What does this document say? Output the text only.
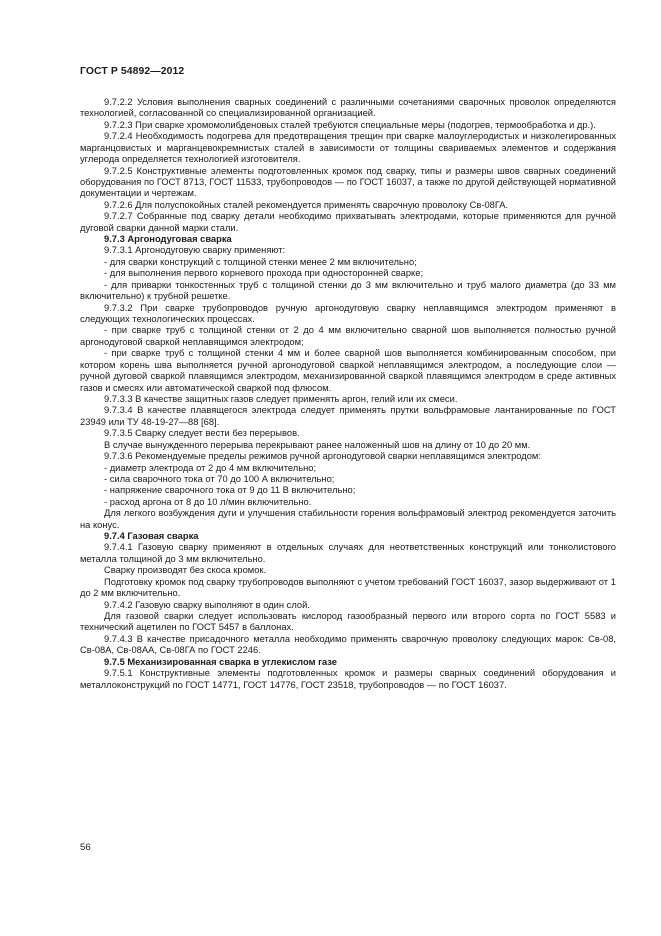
ГОСТ Р 54892—2012

9.7.2.2 Условия выполнения сварных соединений с различными сочетаниями сварочных проволок определяются технологией, согласованной со специализированной организацией.

9.7.2.3 При сварке хромомолибденовых сталей требуются специальные меры (подогрев, термообработка и др.).

9.7.2.4 Необходимость подогрева для предотвращения трещин при сварке малоуглеродистых и низколегированных марганцовистых и марганцевокремнистых сталей в зависимости от толщины свариваемых элементов и содержания углерода определяется технологией изготовителя.

9.7.2.5 Конструктивные элементы подготовленных кромок под сварку, типы и размеры швов сварных соединений оборудования по ГОСТ 8713, ГОСТ 11533, трубопроводов — по ГОСТ 16037, а также по другой действующей нормативной документации и чертежам.

9.7.2.6 Для полуспокойных сталей рекомендуется применять сварочную проволоку Св-08ГА.

9.7.2.7 Собранные под сварку детали необходимо прихватывать электродами, которые применяются для ручной дуговой сварки данной марки стали.

9.7.3 Аргонодуговая сварка

9.7.3.1 Аргонодуговую сварку применяют:

- для сварки конструкций с толщиной стенки менее 2 мм включительно;

- для выполнения первого корневого прохода при односторонней сварке;

- для приварки тонкостенных труб с толщиной стенки до 3 мм включительно и труб малого диаметра (до 33 мм включительно) к трубной решетке.

9.7.3.2 При сварке трубопроводов ручную аргонодуговую сварку неплавящимся электродом применяют в следующих технологических процессах.

- при сварке труб с толщиной стенки от 2 до 4 мм включительно сварной шов выполняется полностью ручной аргонодуговой сваркой неплавящимся электродом;

- при сварке труб с толщиной стенки 4 мм и более сварной шов выполняется комбинированным способом, при котором корень шва выполняется ручной аргонодуговой сваркой неплавящимся электродом, а последующие слои — ручной дуговой сваркой плавящимся электродом, механизированной сваркой плавящимся электродом в среде активных газов и смесях или автоматической сваркой под флюсом.

9.7.3.3 В качестве защитных газов следует применять аргон, гелий или их смеси.

9.7.3.4 В качестве плавящегося электрода следует применять прутки вольфрамовые лантанированные по ГОСТ 23949 или ТУ 48-19-27—88 [68].

9.7.3.5 Сварку следует вести без перерывов.

В случае вынужденного перерыва перекрывают ранее наложенный шов на длину от 10 до 20 мм.

9.7.3.6 Рекомендуемые пределы режимов ручной аргонодуговой сварки неплавящимся электродом:

- диаметр электрода от 2 до 4 мм включительно;

- сила сварочного тока от 70 до 100 А включительно;

- напряжение сварочного тока от 9 до 11 В включительно;

- расход аргона от 8 до 10 л/мин включительно.

Для легкого возбуждения дуги и улучшения стабильности горения вольфрамовый электрод рекомендуется заточить на конус.

9.7.4 Газовая сварка

9.7.4.1 Газовую сварку применяют в отдельных случаях для неответственных конструкций или тонколистового металла толщиной до 3 мм включительно.

Сварку производят без скоса кромок.

Подготовку кромок под сварку трубопроводов выполняют с учетом требований ГОСТ 16037, зазор выдерживают от 1 до 2 мм включительно.

9.7.4.2 Газовую сварку выполняют в один слой.

Для газовой сварки следует использовать кислород газообразный первого или второго сорта по ГОСТ 5583 и технический ацетилен по ГОСТ 5457 в баллонах.

9.7.4.3 В качестве присадочного металла необходимо применять сварочную проволоку следующих марок: Св-08, Св-08А, Св-08АА, Св-08ГА по ГОСТ 2246.

9.7.5 Механизированная сварка в углекислом газе

9.7.5.1 Конструктивные элементы подготовленных кромок и размеры сварных соединений оборудования и металлоконструкций по ГОСТ 14771, ГОСТ 14776, ГОСТ 23518, трубопроводов — по ГОСТ 16037.

56
